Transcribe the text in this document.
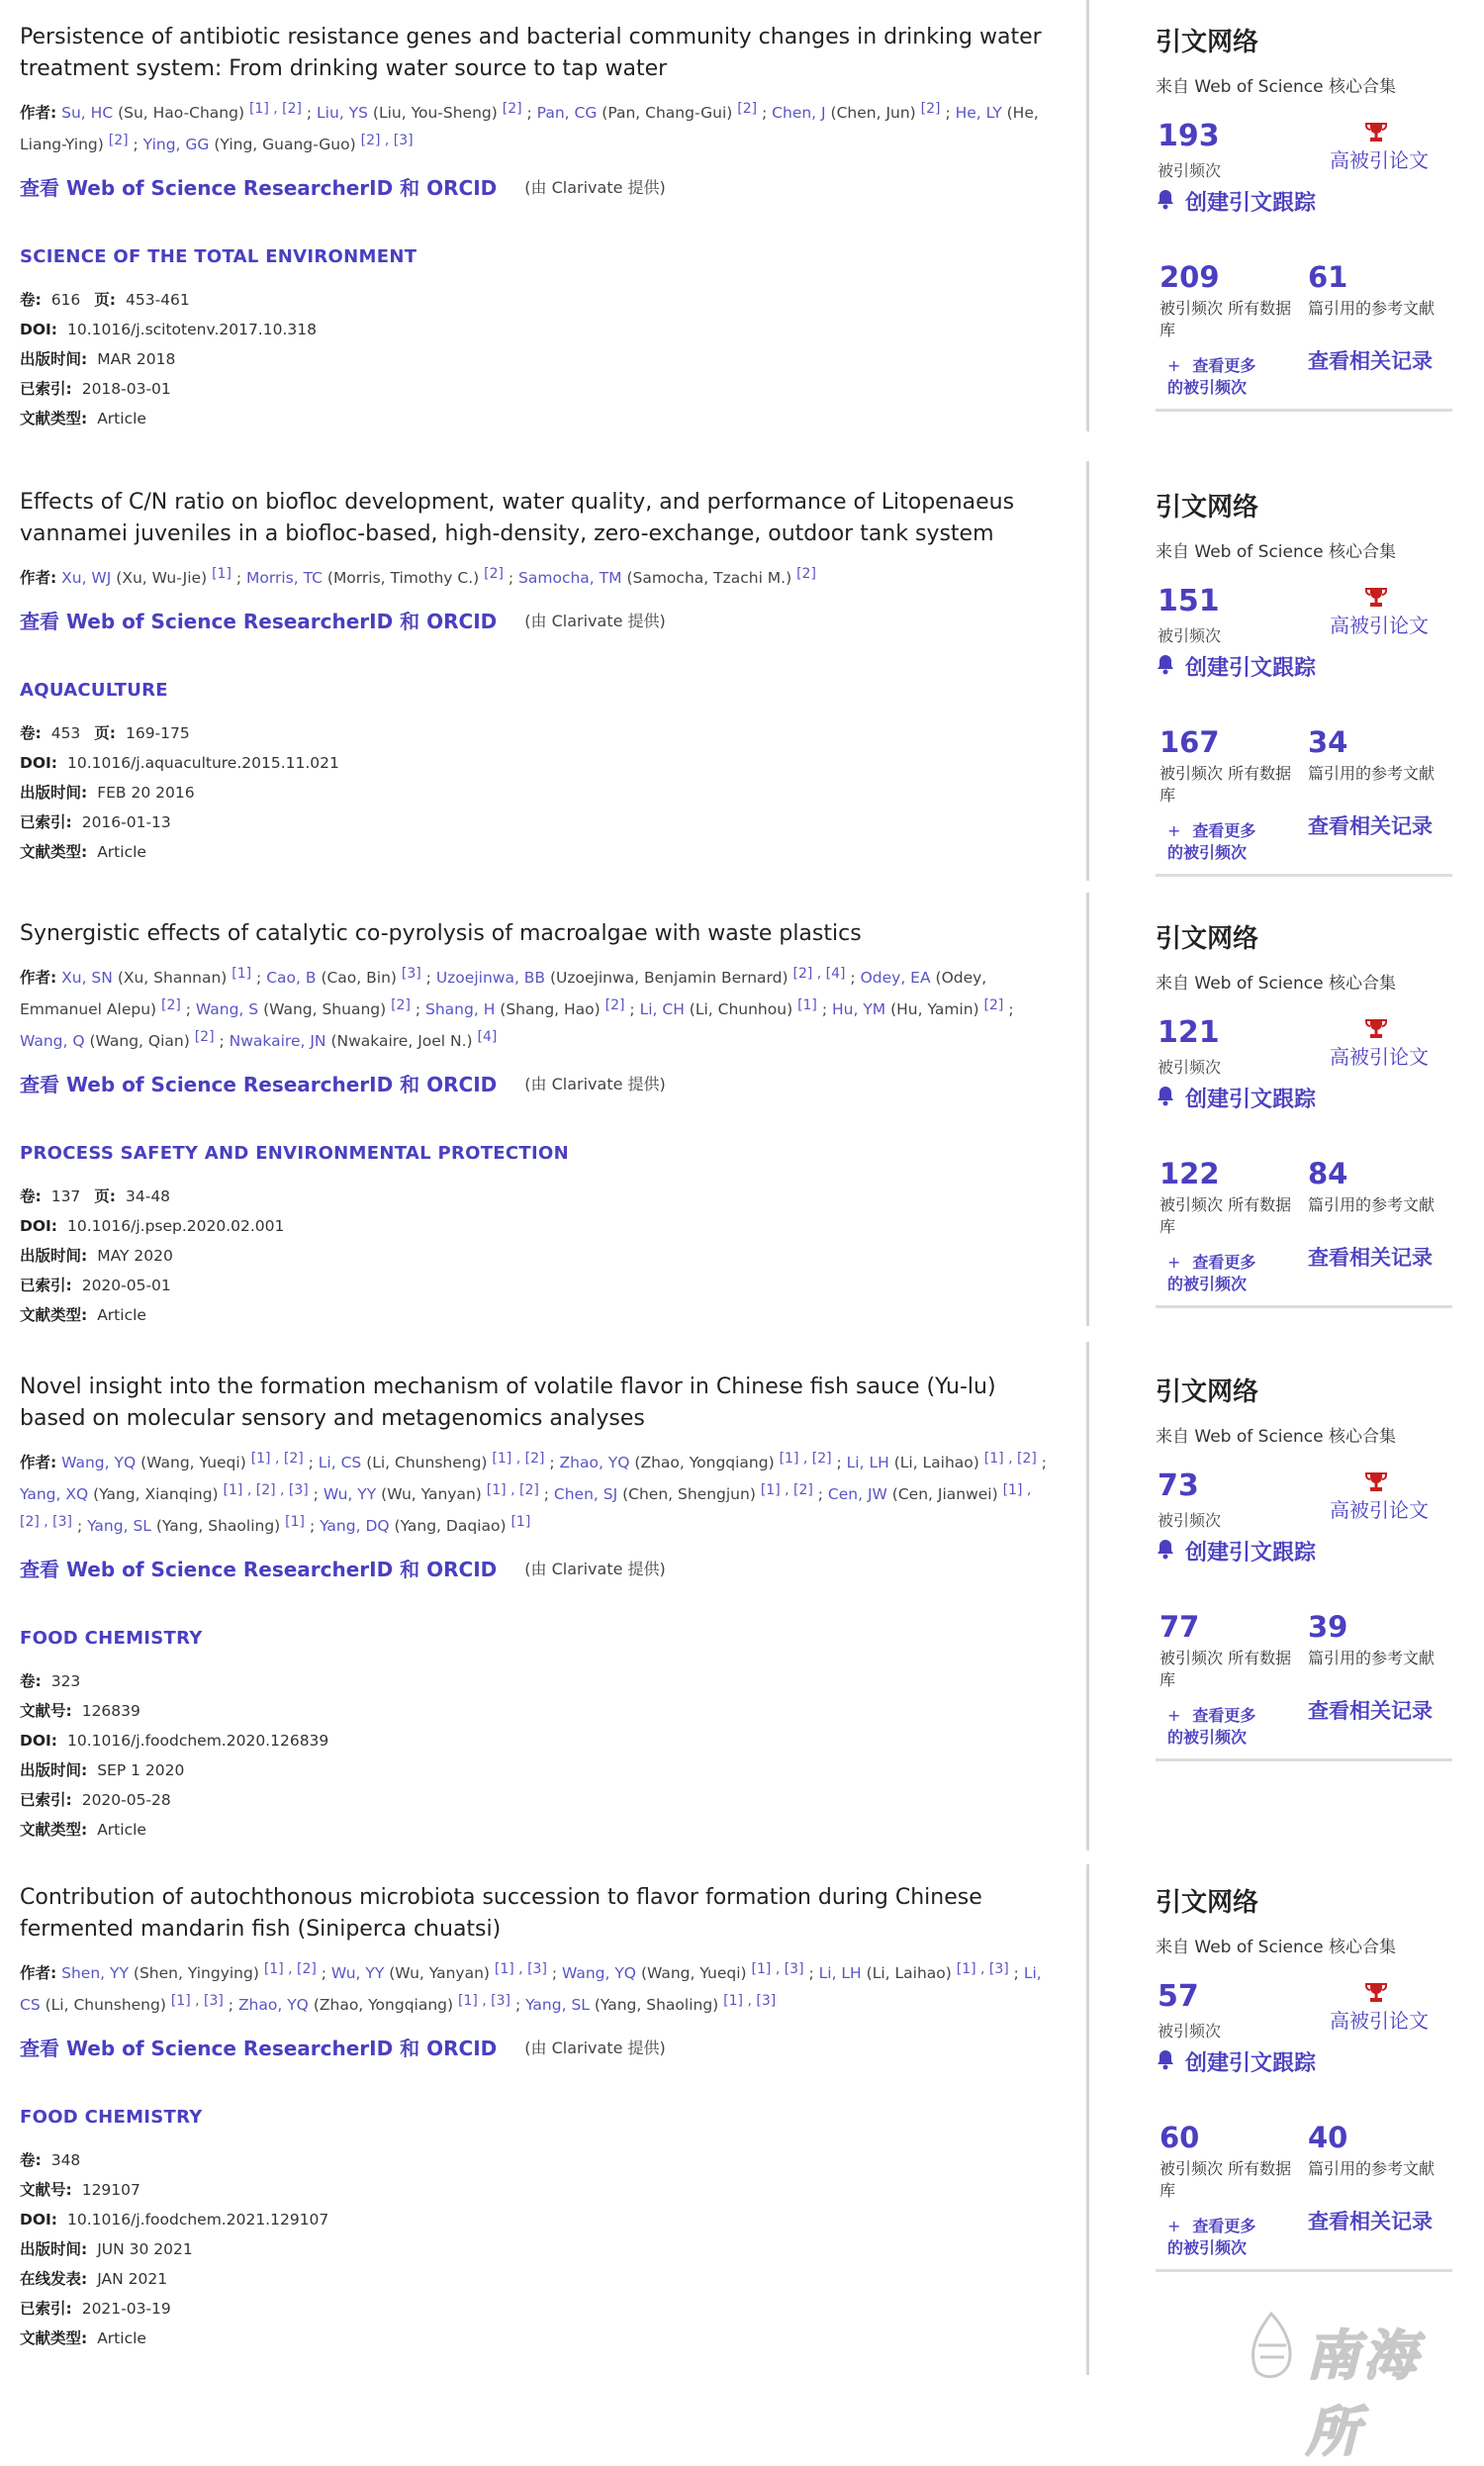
Persistence of antibiotic resistance genes and bacterial community changes in drinking water treatment system: From drinking water source to tap water
作者: Su, HC (Su, Hao-Chang) [1] , [2] ; Liu, YS (Liu, You-Sheng) [2] ; Pan, CG (Pan, Chang-Gui) [2] ; Chen, J (Chen, Jun) [2] ; He, LY (He, Liang-Ying) [2] ; Ying, GG (Ying, Guang-Guo) [2] , [3]
查看 Web of Science ResearcherID 和 ORCID (由 Clarivate 提供)
SCIENCE OF THE TOTAL ENVIRONMENT
卷: 616 页: 453-461
DOI: 10.1016/j.scitotenv.2017.10.318
出版时间: MAR 2018
已索引: 2018-03-01
文献类型: Article
引文网络
来自 Web of Science 核心合集
193
被引频次	高被引论文
创建引文跟踪
209	61
被引频次 所有数据库
篇引用的参考文献
+ 查看更多
的被引频次
查看相关记录
Effects of C/N ratio on biofloc development, water quality, and performance of Litopenaeus vannamei juveniles in a biofloc-based, high-density, zero-exchange, outdoor tank system
作者: Xu, WJ (Xu, Wu-Jie) [1] ; Morris, TC (Morris, Timothy C.) [2] ; Samocha, TM (Samocha, Tzachi M.) [2]
查看 Web of Science ResearcherID 和 ORCID (由 Clarivate 提供)
AQUACULTURE
卷: 453 页: 169-175
DOI: 10.1016/j.aquaculture.2015.11.021
出版时间: FEB 20 2016
已索引: 2016-01-13
文献类型: Article
引文网络
来自 Web of Science 核心合集
151
被引频次	高被引论文
创建引文跟踪
167	34
被引频次 所有数据库
篇引用的参考文献
+ 查看更多
的被引频次
查看相关记录
Synergistic effects of catalytic co-pyrolysis of macroalgae with waste plastics
作者: Xu, SN (Xu, Shannan) [1] ; Cao, B (Cao, Bin) [3] ; Uzoejinwa, BB (Uzoejinwa, Benjamin Bernard) [2] , [4] ; Odey, EA (Odey, Emmanuel Alepu) [2] ; Wang, S (Wang, Shuang) [2] ; Shang, H (Shang, Hao) [2] ; Li, CH (Li, Chunhou) [1] ; Hu, YM (Hu, Yamin) [2] ; Wang, Q (Wang, Qian) [2] ; Nwakaire, JN (Nwakaire, Joel N.) [4]
查看 Web of Science ResearcherID 和 ORCID (由 Clarivate 提供)
PROCESS SAFETY AND ENVIRONMENTAL PROTECTION
卷: 137 页: 34-48
DOI: 10.1016/j.psep.2020.02.001
出版时间: MAY 2020
已索引: 2020-05-01
文献类型: Article
引文网络
来自 Web of Science 核心合集
121
被引频次	高被引论文
创建引文跟踪
122	84
被引频次 所有数据库
篇引用的参考文献
+ 查看更多
的被引频次
查看相关记录
Novel insight into the formation mechanism of volatile flavor in Chinese fish sauce (Yu-lu) based on molecular sensory and metagenomics analyses
作者: Wang, YQ (Wang, Yueqi) [1] , [2] ; Li, CS (Li, Chunsheng) [1] , [2] ; Zhao, YQ (Zhao, Yongqiang) [1] , [2] ; Li, LH (Li, Laihao) [1] , [2] ; Yang, XQ (Yang, Xianqing) [1] , [2] , [3] ; Wu, YY (Wu, Yanyan) [1] , [2] ; Chen, SJ (Chen, Shengjun) [1] , [2] ; Cen, JW (Cen, Jianwei) [1] , [2] , [3] ; Yang, SL (Yang, Shaoling) [1] ; Yang, DQ (Yang, Daqiao) [1]
查看 Web of Science ResearcherID 和 ORCID (由 Clarivate 提供)
FOOD CHEMISTRY
卷: 323
文献号: 126839
DOI: 10.1016/j.foodchem.2020.126839
出版时间: SEP 1 2020
已索引: 2020-05-28
文献类型: Article
引文网络
来自 Web of Science 核心合集
73
被引频次	高被引论文
创建引文跟踪
77	39
被引频次 所有数据库
篇引用的参考文献
+ 查看更多
的被引频次
查看相关记录
Contribution of autochthonous microbiota succession to flavor formation during Chinese fermented mandarin fish (Siniperca chuatsi)
作者: Shen, YY (Shen, Yingying) [1] , [2] ; Wu, YY (Wu, Yanyan) [1] , [3] ; Wang, YQ (Wang, Yueqi) [1] , [3] ; Li, LH (Li, Laihao) [1] , [3] ; Li, CS (Li, Chunsheng) [1] , [3] ; Zhao, YQ (Zhao, Yongqiang) [1] , [3] ; Yang, SL (Yang, Shaoling) [1] , [3]
查看 Web of Science ResearcherID 和 ORCID (由 Clarivate 提供)
FOOD CHEMISTRY
卷: 348
文献号: 129107
DOI: 10.1016/j.foodchem.2021.129107
出版时间: JUN 30 2021
在线发表: JAN 2021
已索引: 2021-03-19
文献类型: Article
引文网络
来自 Web of Science 核心合集
57
被引频次	高被引论文
创建引文跟踪
60	40
被引频次 所有数据库
篇引用的参考文献
+ 查看更多
的被引频次
查看相关记录
南海所
